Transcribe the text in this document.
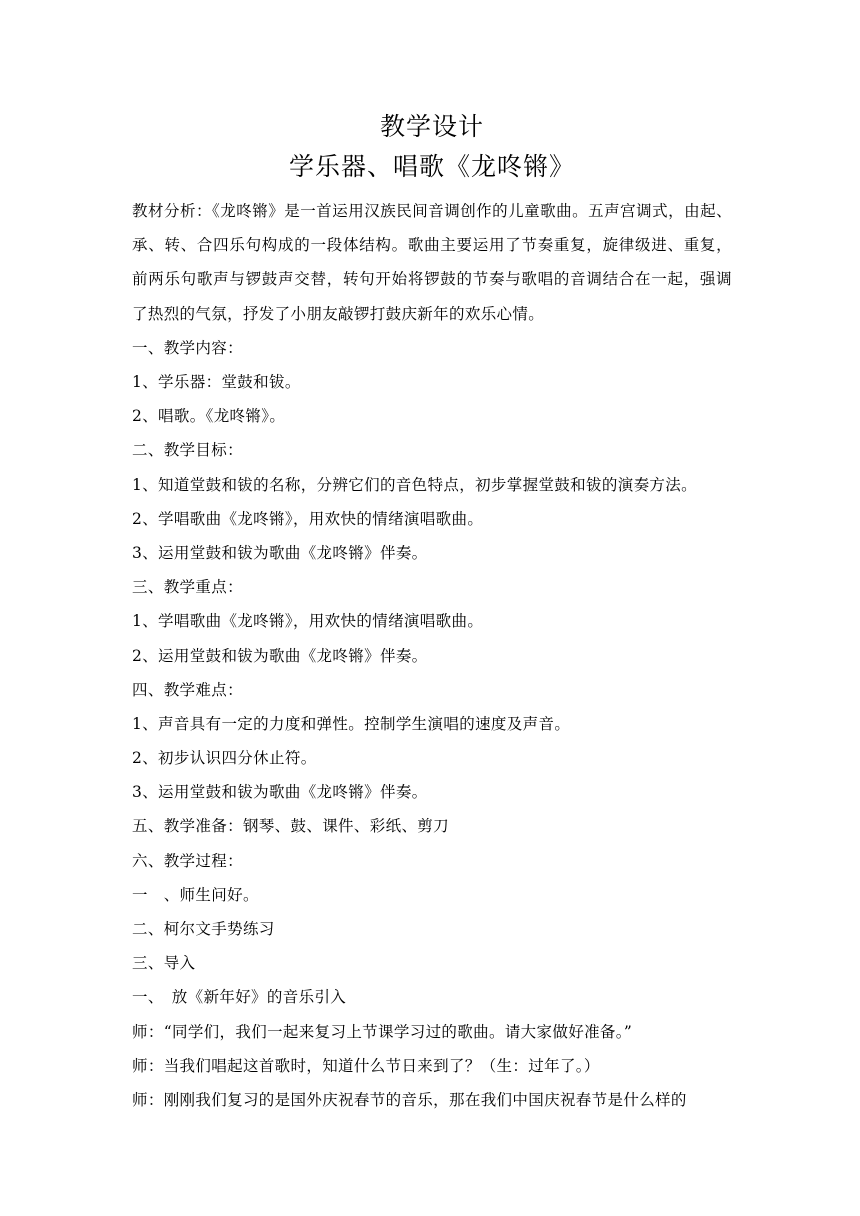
教学设计
学乐器、唱歌《龙咚锵》
教材分析：《龙咚锵》是一首运用汉族民间音调创作的儿童歌曲。五声宫调式，由起、承、转、合四乐句构成的一段体结构。歌曲主要运用了节奏重复，旋律级进、重复，前两乐句歌声与锣鼓声交替，转句开始将锣鼓的节奏与歌唱的音调结合在一起，强调了热烈的气氛，抒发了小朋友敲锣打鼓庆新年的欢乐心情。
一、教学内容：
1、学乐器：堂鼓和钹。
2、唱歌。《龙咚锵》。
二、教学目标：
1、知道堂鼓和钹的名称，分辨它们的音色特点，初步掌握堂鼓和钹的演奏方法。
2、学唱歌曲《龙咚锵》，用欢快的情绪演唱歌曲。
3、运用堂鼓和钹为歌曲《龙咚锵》伴奏。
三、教学重点：
1、学唱歌曲《龙咚锵》，用欢快的情绪演唱歌曲。
2、运用堂鼓和钹为歌曲《龙咚锵》伴奏。
四、教学难点：
1、声音具有一定的力度和弹性。控制学生演唱的速度及声音。
2、初步认识四分休止符。
3、运用堂鼓和钹为歌曲《龙咚锵》伴奏。
五、教学准备：钢琴、鼓、课件、彩纸、剪刀
六、教学过程：
一　、师生问好。
二、柯尔文手势练习
三、导入
一、　放《新年好》的音乐引入
师：“同学们，我们一起来复习上节课学习过的歌曲。请大家做好准备。”
师：当我们唱起这首歌时，知道什么节日来到了？（生：过年了。）
师：刚刚我们复习的是国外庆祝春节的音乐，那在我们中国庆祝春节是什么样的
